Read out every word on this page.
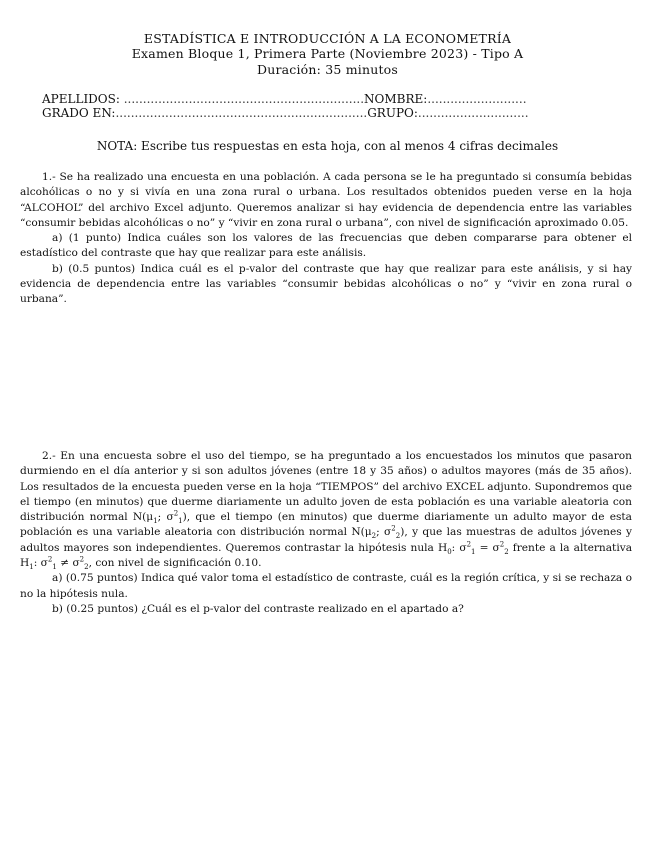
ESTADÍSTICA E INTRODUCCIÓN A LA ECONOMETRÍA
Examen Bloque 1, Primera Parte (Noviembre 2023) - Tipo A
Duración: 35 minutos
APELLIDOS: ...............................................................NOMBRE:..........................
GRADO EN:..................................................................GRUPO:.............................
NOTA: Escribe tus respuestas en esta hoja, con al menos 4 cifras decimales

1.- Se ha realizado una encuesta en una población. A cada persona se le ha preguntado si consumía bebidas alcohólicas o no y si vivía en una zona rural o urbana. Los resultados obtenidos pueden verse en la hoja “ALCOHOL” del archivo Excel adjunto. Queremos analizar si hay evidencia de dependencia entre las variables “consumir bebidas alcohólicas o no” y “vivir en zona rural o urbana”, con nivel de significación aproximado 0.05.

a) (1 punto) Indica cuáles son los valores de las frecuencias que deben compararse para obtener el estadístico del contraste que hay que realizar para este análisis.

b) (0.5 puntos) Indica cuál es el p-valor del contraste que hay que realizar para este análisis, y si hay evidencia de dependencia entre las variables “consumir bebidas alcohólicas o no” y “vivir en zona rural o urbana”.

2.- En una encuesta sobre el uso del tiempo, se ha preguntado a los encuestados los minutos que pasaron durmiendo en el día anterior y si son adultos jóvenes (entre 18 y 35 años) o adultos mayores (más de 35 años). Los resultados de la encuesta pueden verse en la hoja “TIEMPOS” del archivo EXCEL adjunto. Supondremos que el tiempo (en minutos) que duerme diariamente un adulto joven de esta población es una variable aleatoria con distribución normal $N(\mu_1$; $\sigma^2_1$), que el tiempo (en minutos) que duerme diariamente un adulto mayor de esta población es una variable aleatoria con distribución normal $N(\mu_2$; $\sigma^2_2$), y que las muestras de adultos jóvenes y adultos mayores son independientes. Queremos contrastar la hipótesis nula $H_0$: $\sigma^2_1 = \sigma^2_2$ frente a la alternativa $H_1$: $\sigma^2_1 \ne \sigma^2_2$, con nivel de significación 0.10.

a) (0.75 puntos) Indica qué valor toma el estadístico de contraste, cuál es la región crítica, y si se rechaza o no la hipótesis nula.

b) (0.25 puntos) ¿Cuál es el p-valor del contraste realizado en el apartado a?
